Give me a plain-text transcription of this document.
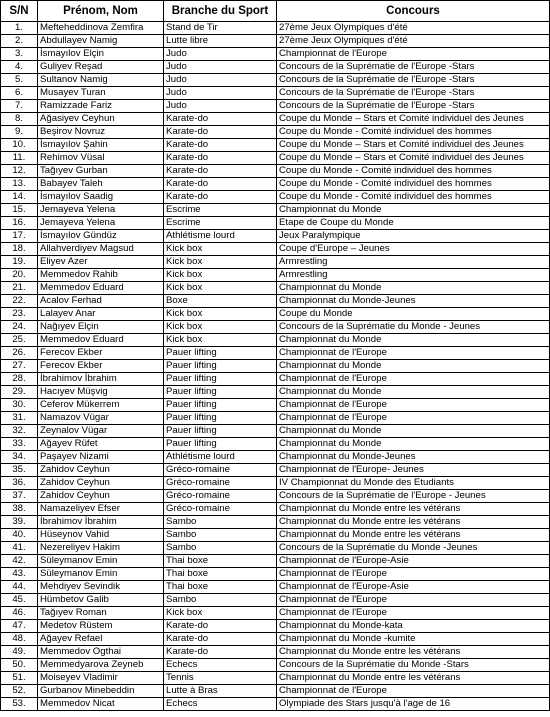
S/N	Prénom, Nom	Branche du Sport	Concours
1.	Mefteheddinova Zemfira	Stand de Tir	27ème Jeux Olympiques d'été
2.	Abdullayev Namig	Lutte libre	27ème Jeux Olympiques d'été
3.	İsmayılov Elçin	Judo	Championnat de l'Europe
4.	Guliyev Reşad	Judo	Concours de la Suprématie de l'Europe -Stars
5.	Sultanov Namig	Judo	Concours de la Suprématie de l'Europe -Stars
6.	Musayev Turan	Judo	Concours de la Suprématie de l'Europe -Stars
7.	Ramizzade Fariz	Judo	Concours de la Suprématie de l'Europe -Stars
8.	Ağasiyev Ceyhun	Karate-do	Coupe du Monde – Stars et Comité individuel des Jeunes
9.	Beşirov Novruz	Karate-do	Coupe du Monde - Comité individuel des hommes
10.	İsmayılov Şahin	Karate-do	Coupe du Monde – Stars et Comité individuel des Jeunes
11.	Rehimov Vüsal	Karate-do	Coupe du Monde – Stars et Comité individuel des Jeunes
12.	Tağıyev Gurban	Karate-do	Coupe du Monde - Comité individuel des hommes
13.	Babayev Taleh	Karate-do	Coupe du Monde - Comité individuel des hommes
14.	İsmayılov Saadig	Karate-do	Coupe du Monde - Comité individuel des hommes
15.	Jemayeva Yelena	Escrime	Championnat du Monde
16.	Jemayeva Yelena	Escrime	Etape de Coupe du Monde
17.	İsmayılov Gündüz	Athlétisme lourd	Jeux Paralympique
18.	Allahverdiyev Magsud	Kick box	Coupe d'Europe – Jeunes
19.	Eliyev Azer	Kick box	Armrestling
20.	Memmedov Rahib	Kick box	Armrestling
21.	Memmedov Eduard	Kick box	Championnat du Monde
22.	Acalov Ferhad	Boxe	Championnat du Monde-Jeunes
23.	Lalayev Anar	Kick box	Coupe du Monde
24.	Nağıyev Elçin	Kick box	Concours de la Suprématie du Monde - Jeunes
25.	Memmedov Eduard	Kick box	Championnat du Monde
26.	Ferecov Ekber	Pauer lifting	Championnat de l'Europe
27.	Ferecov Ekber	Pauer lifting	Championnat du Monde
28.	İbrahimov İbrahim	Pauer lifting	Championnat de l'Europe
29.	Hacıyev Müşvig	Pauer lifting	Championnat du Monde
30.	Ceferov Mükerrem	Pauer lifting	Championnat de l'Europe
31.	Namazov Vügar	Pauer lifting	Championnat de l'Europe
32.	Zeynalov Vügar	Pauer lifting	Championnat du Monde
33.	Ağayev Rüfet	Pauer lifting	Championnat du Monde
34.	Paşayev Nizami	Athlétisme lourd	Championnat du Monde-Jeunes
35.	Zahidov Ceyhun	Gréco-romaine	Championnat de l'Europe- Jeunes
36.	Zahidov Ceyhun	Gréco-romaine	IV Championnat du Monde des Etudiants
37.	Zahidov Ceyhun	Gréco-romaine	Concours de la Suprématie de l'Europe - Jeunes
38.	Namazeliyev Efser	Gréco-romaine	Championnat du Monde entre les vétérans
39.	İbrahimov İbrahim	Sambo	Championnat du Monde entre les vétérans
40.	Hüseynov Vahid	Sambo	Championnat du Monde entre les vétérans
41.	Nezereliyev Hakim	Sambo	Concours de la Suprématie du Monde -Jeunes
42.	Süleymanov Emin	Thai boxe	Championnat de l'Europe-Asie
43.	Süleymanov Emin	Thai boxe	Championnat de l'Europe
44.	Mehdiyev Sevindik	Thai boxe	Championnat de l'Europe-Asie
45.	Hümbetov Galib	Sambo	Championnat de l'Europe
46.	Tağıyev Roman	Kick box	Championnat de l'Europe
47.	Medetov Rüstem	Karate-do	Championnat du Monde-kata
48.	Ağayev Refael	Karate-do	Championnat du Monde -kumite
49.	Memmedov Ogthai	Karate-do	Championnat du Monde entre les vétérans
50.	Memmedyarova Zeyneb	Echecs	Concours de la Suprématie du Monde -Stars
51.	Moiseyev Vladimir	Tennis	Championnat du Monde entre les vétérans
52.	Gurbanov Minebeddin	Lutte à Bras	Championnat de l'Europe
53.	Memmedov Nicat	Echecs	Olympiade des Stars jusqu'à l'age de 16
